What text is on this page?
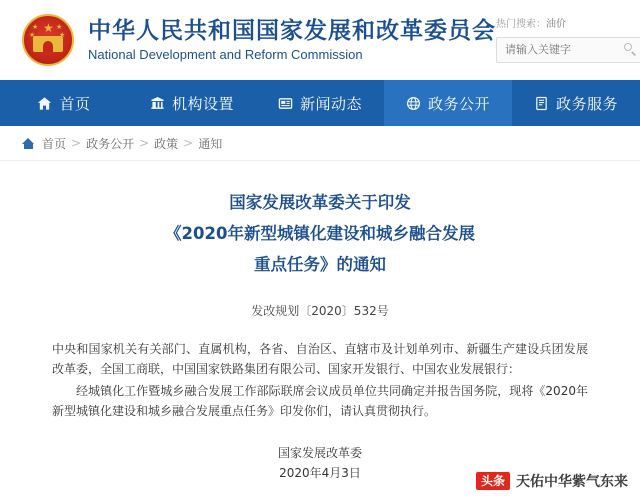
★
★	★
★	★ 中华人民共和国国家发展和改革委员会
National Development and Reform Commission
热门搜索：油价
请输入关键字
首页	机构设置	新闻动态	政务公开	政务服务
首页 > 政务公开 > 政策 > 通知
国家发展改革委关于印发
《2020年新型城镇化建设和城乡融合发展
重点任务》的通知
发改规划〔2020〕532号

中央和国家机关有关部门、直属机构，各省、自治区、直辖市及计划单列市、新疆生产建设兵团发展改革委，全国工商联，中国国家铁路集团有限公司、国家开发银行、中国农业发展银行：

经城镇化工作暨城乡融合发展工作部际联席会议成员单位共同确定并报告国务院，现将《2020年新型城镇化建设和城乡融合发展重点任务》印发你们，请认真贯彻执行。

国家发展改革委
2020年4月3日
头条 天佑中华紫气东来
